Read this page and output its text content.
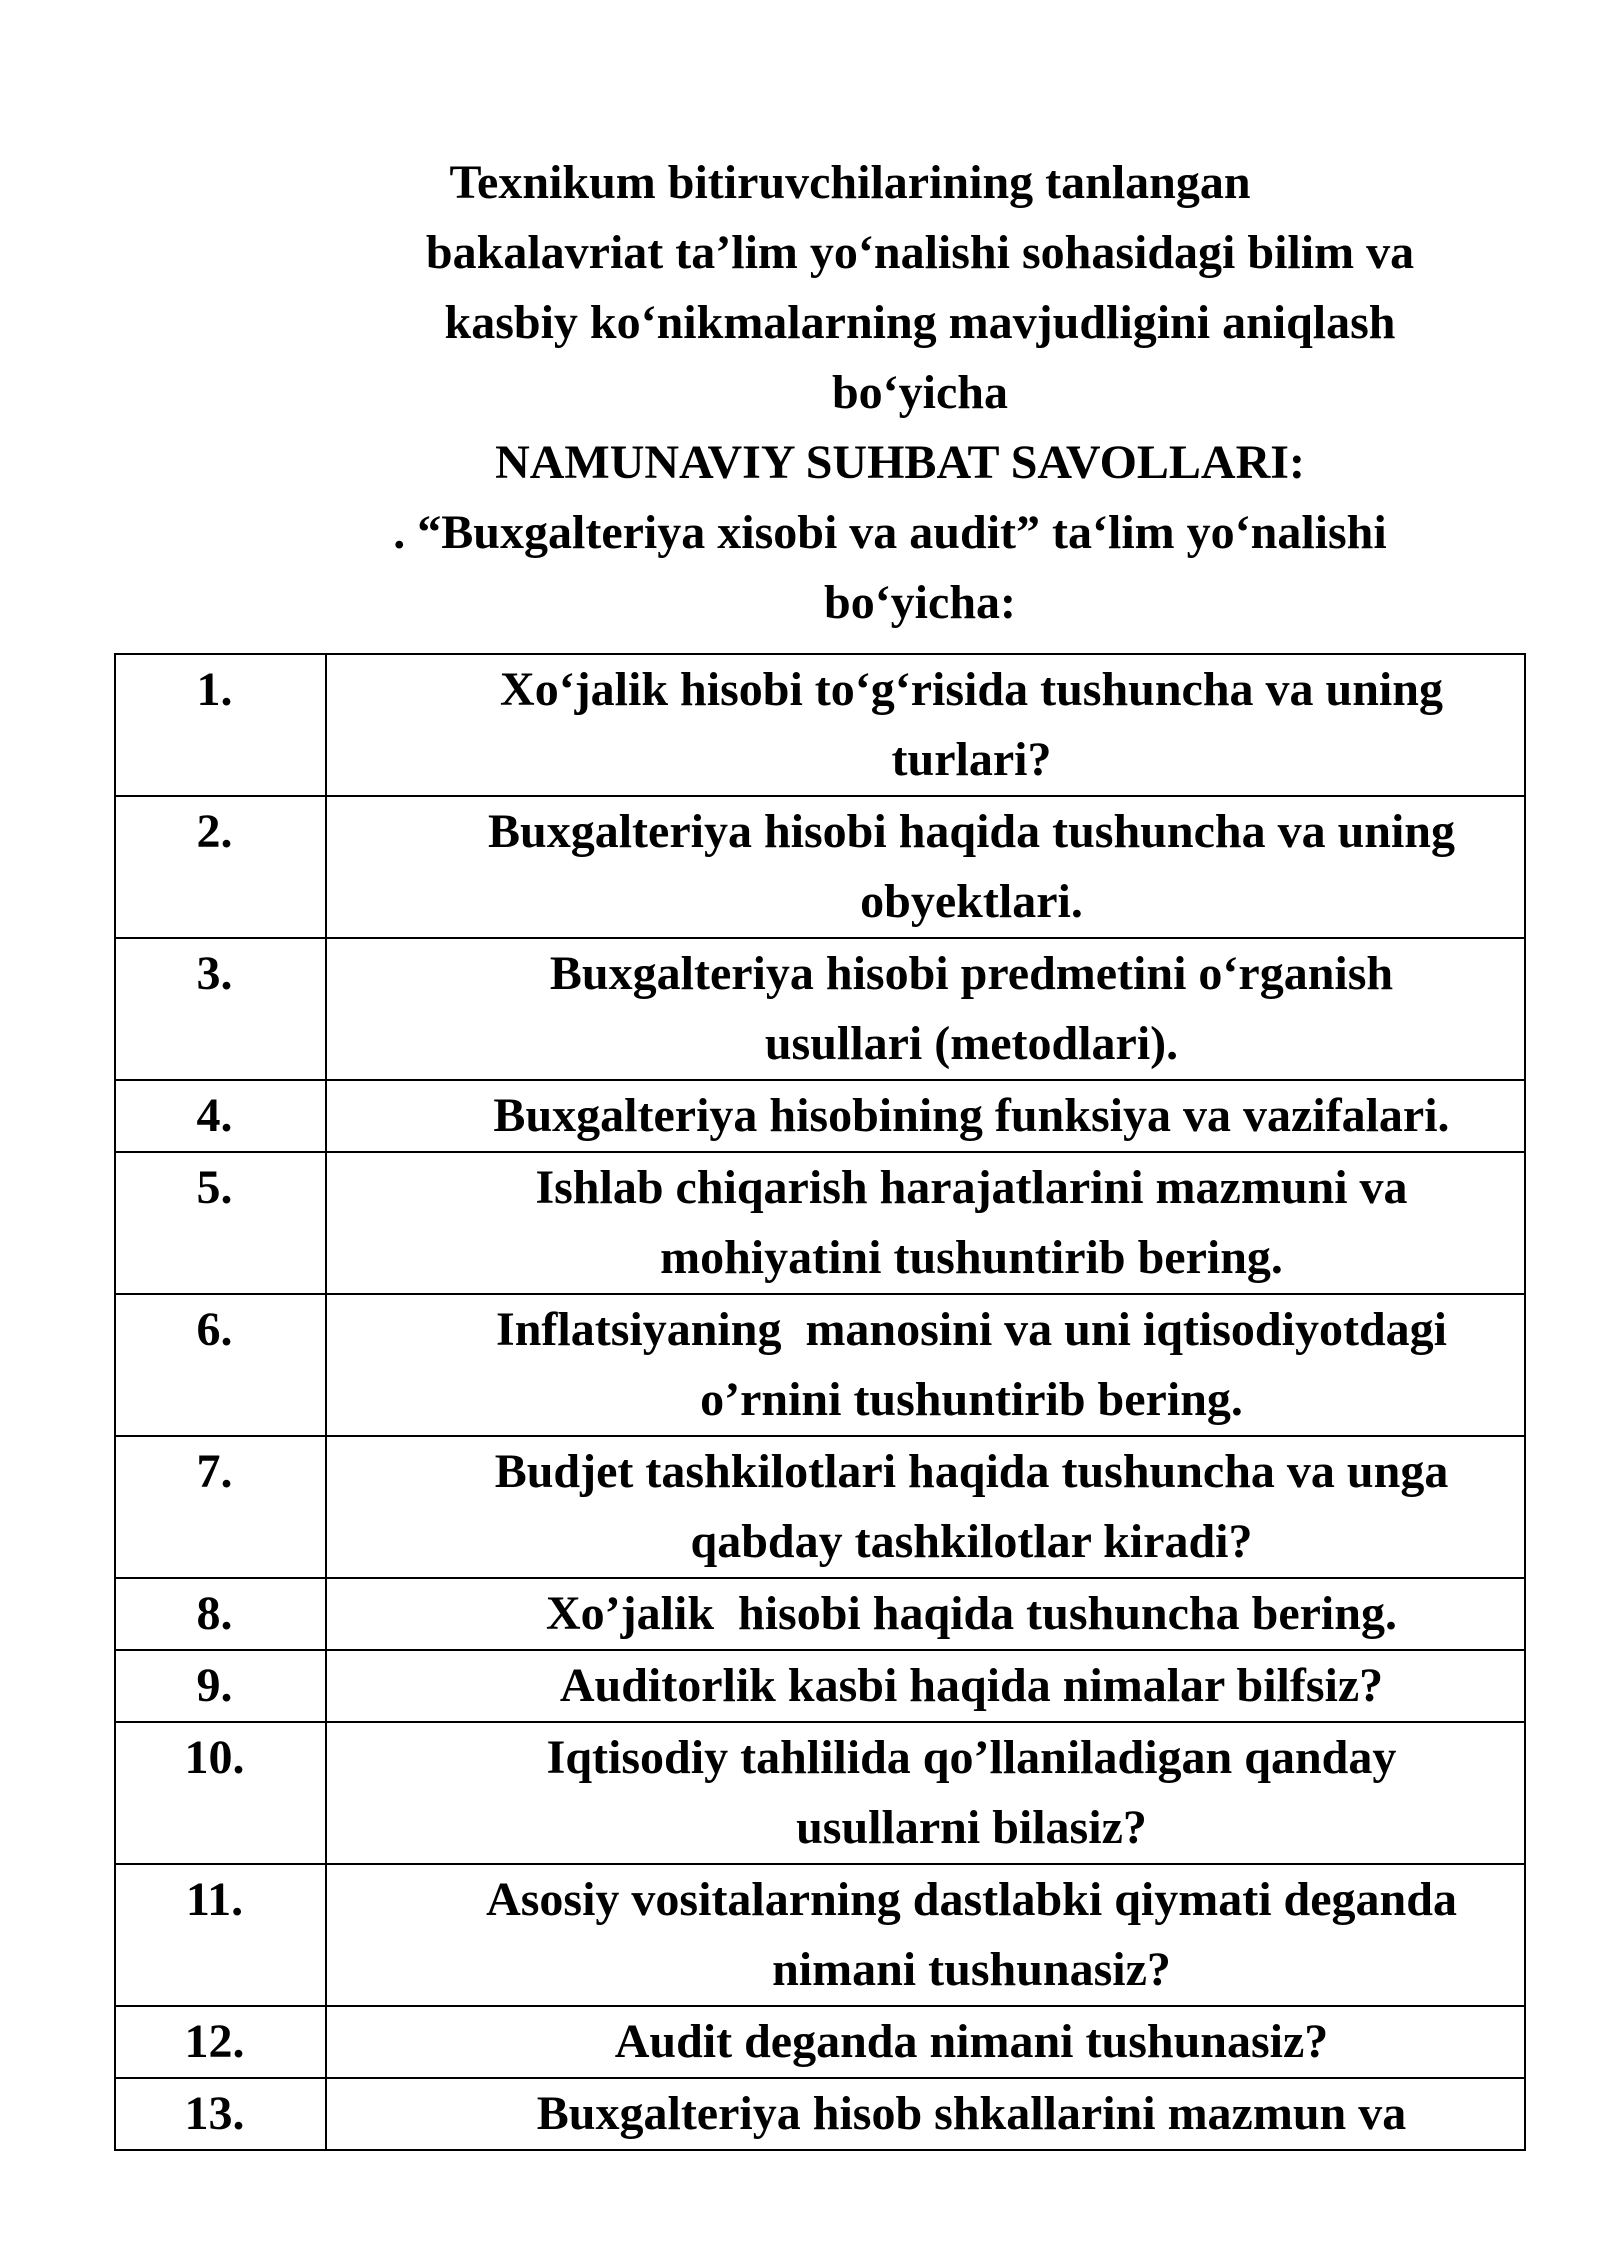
Texnikum bitiruvchilarining tanlangan
bakalavriat ta’lim yo‘nalishi sohasidagi bilim va
kasbiy ko‘nikmalarning mavjudligini aniqlash
bo‘yicha
NAMUNAVIY SUHBAT SAVOLLARI:
. “Buxgalteriya xisobi va audit” ta‘lim yo‘nalishi
bo‘yicha:
1.	Xo‘jalik hisobi to‘g‘risida tushuncha va uning
turlari?
2.	Buxgalteriya hisobi haqida tushuncha va uning
obyektlari.
3.	Buxgalteriya hisobi predmetini o‘rganish
usullari (metodlari).
4.	Buxgalteriya hisobining funksiya va vazifalari.
5.	Ishlab chiqarish harajatlarini mazmuni va
mohiyatini tushuntirib bering.
6.	Inflatsiyaning  manosini va uni iqtisodiyotdagi
o’rnini tushuntirib bering.
7.	Budjet tashkilotlari haqida tushuncha va unga
qabday tashkilotlar kiradi?
8.	Xo’jalik  hisobi haqida tushuncha bering.
9.	Auditorlik kasbi haqida nimalar bilfsiz?
10.	Iqtisodiy tahlilida qo’llaniladigan qanday
usullarni bilasiz?
11.	Asosiy vositalarning dastlabki qiymati deganda
nimani tushunasiz?
12.	Audit deganda nimani tushunasiz?
13.	Buxgalteriya hisob shkallarini mazmun va
